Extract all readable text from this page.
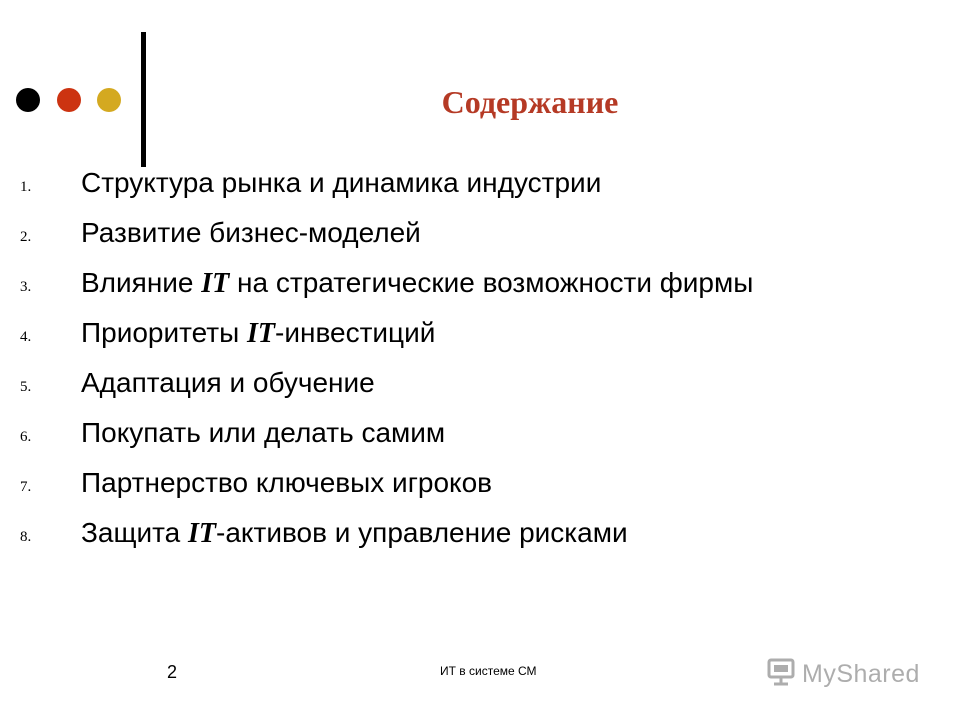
Содержание
1.	Структура рынка и динамика индустрии
2.	Развитие бизнес-моделей
3.	Влияние IT на стратегические возможности фирмы
4.	Приоритеты IT-инвестиций
5.	Адаптация и обучение
6.	Покупать или делать самим
7.	Партнерство ключевых игроков
8.	Защита IT-активов и управление рисками
2	ИТ в системе СМ	MyShared
